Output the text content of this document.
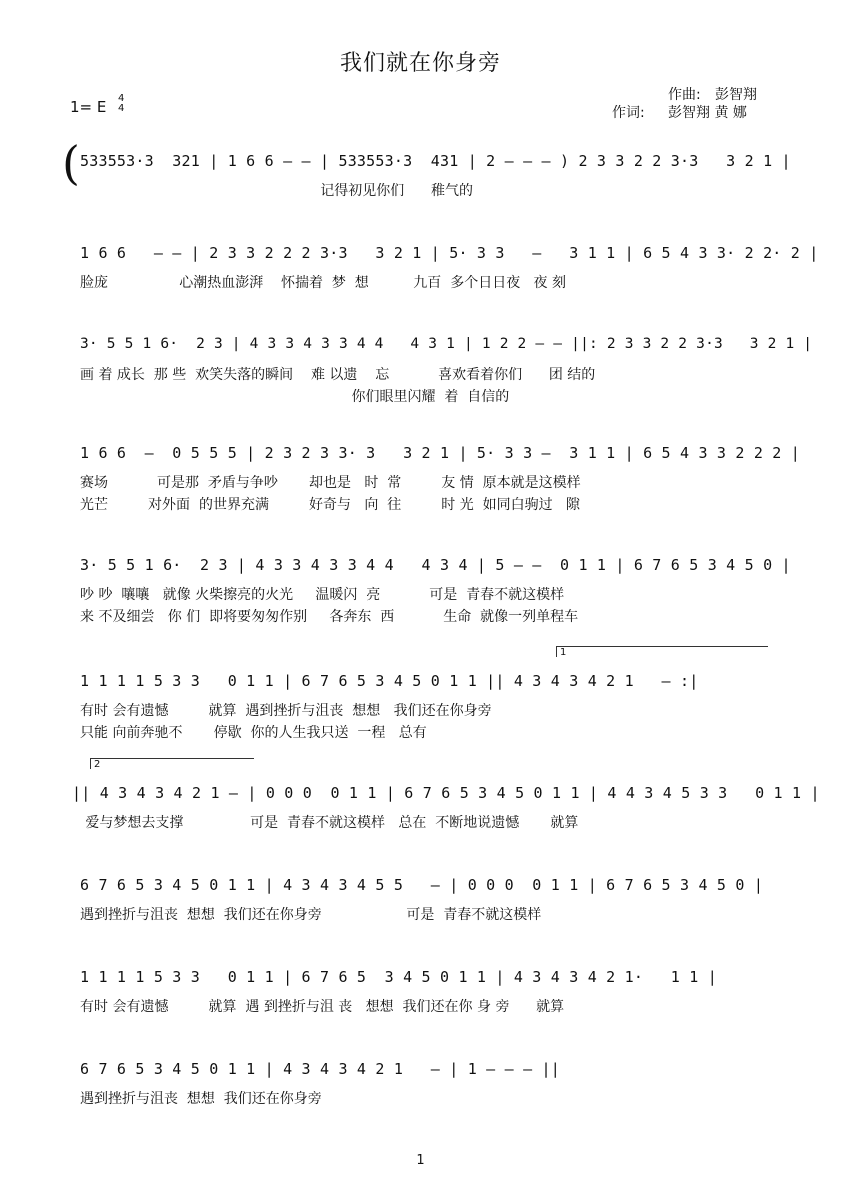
我们就在你身旁
1= E 4
4
作曲: 彭智翔
作词: 彭智翔 黄 娜
( 533553·3  321 | 1 6 6 — — | 533553·3  431 | 2 — — — ) 2 3 3 2 2 3·3   3 2 1 |
记得初见你们      稚气的
1 6 6   — — | 2 3 3 2 2 2 3·3   3 2 1 | 5· 3 3   —   3 1 1 | 6 5 4 3 3· 2 2· 2 |
脸庞                心潮热血澎湃    怀揣着  梦  想          九百  多个日日夜   夜 刻
3· 5 5 1 6·  2 3 | 4 3 3 4 3 3 4 4   4 3 1 | 1 2 2 — — ||: 2 3 3 2 2 3·3   3 2 1 |
画 着 成长  那 些  欢笑失落的瞬间    难 以遗    忘           喜欢看着你们      团 结的
你们眼里闪耀  着  自信的
1 6 6  —  0 5 5 5 | 2 3 2 3 3· 3   3 2 1 | 5· 3 3 —  3 1 1 | 6 5 4 3 3 2 2 2 |
赛场           可是那  矛盾与争吵       却也是   时  常         友 情  原本就是这模样
光芒         对外面  的世界充满         好奇与   向  往         时 光  如同白驹过   隙
3· 5 5 1 6·  2 3 | 4 3 3 4 3 3 4 4   4 3 4 | 5 — —  0 1 1 | 6 7 6 5 3 4 5 0 |
吵 吵  嚷嚷   就像 火柴擦亮的火光     温暖闪  亮           可是  青春不就这模样
来 不及细尝   你 们  即将要匆匆作别     各奔东  西           生命  就像一列单程车
1
1 1 1 1 5 3 3   0 1 1 | 6 7 6 5 3 4 5 0 1 1 || 4 3 4 3 4 2 1   — :|
有时 会有遗憾         就算  遇到挫折与沮丧  想想   我们还在你身旁
只能 向前奔驰不       停歇  你的人生我只送  一程   总有
2
|| 4 3 4 3 4 2 1 — | 0 0 0  0 1 1 | 6 7 6 5 3 4 5 0 1 1 | 4 4 3 4 5 3 3   0 1 1 |
爱与梦想去支撑               可是  青春不就这模样   总在  不断地说遗憾       就算
6 7 6 5 3 4 5 0 1 1 | 4 3 4 3 4 5 5   — | 0 0 0  0 1 1 | 6 7 6 5 3 4 5 0 |
遇到挫折与沮丧  想想  我们还在你身旁                   可是  青春不就这模样
1 1 1 1 5 3 3   0 1 1 | 6 7 6 5  3 4 5 0 1 1 | 4 3 4 3 4 2 1·   1 1 |
有时 会有遗憾         就算  遇 到挫折与沮 丧   想想  我们还在你 身 旁      就算
6 7 6 5 3 4 5 0 1 1 | 4 3 4 3 4 2 1   — | 1 — — — ||
遇到挫折与沮丧  想想  我们还在你身旁
1
